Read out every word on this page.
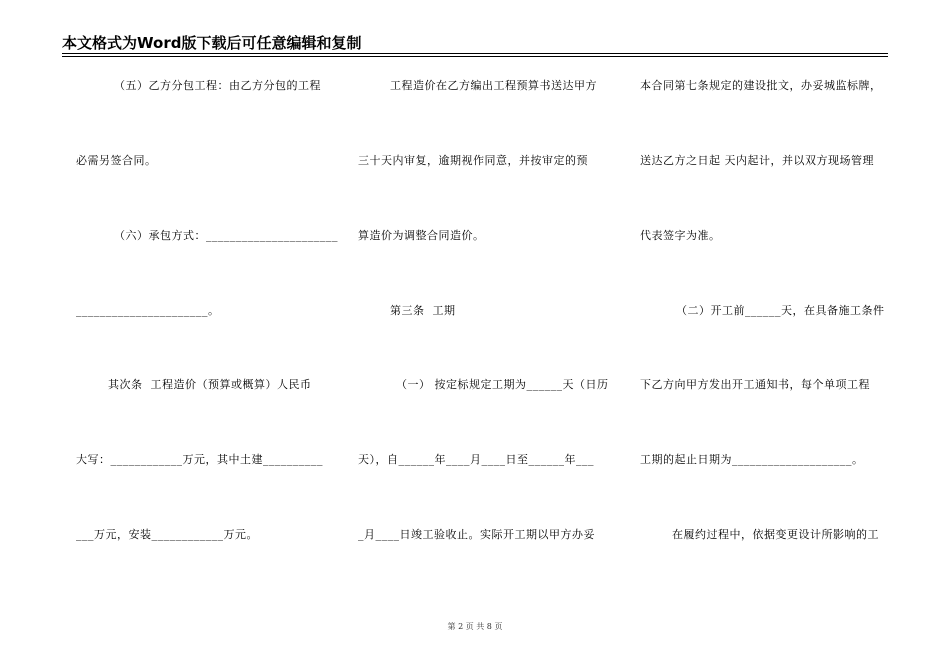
本文格式为Word版下载后可任意编辑和复制
（五）乙方分包工程：由乙方分包的工程
必需另签合同。
（六）承包方式：______________________
______________________。
其次条  工程造价（预算或概算）人民币
大写：____________万元，其中土建__________
___万元，安装____________万元。
工程造价在乙方编出工程预算书送达甲方
三十天内审复，逾期视作同意，并按审定的预
算造价为调整合同造价。
第三条  工期
（一） 按定标规定工期为______天（日历
天），自______年____月____日至______年___
_月____日竣工验收止。实际开工期以甲方办妥
本合同第七条规定的建设批文，办妥城监标牌，
送达乙方之日起 天内起计，并以双方现场管理
代表签字为准。
（二）开工前______天，在具备施工条件
下乙方向甲方发出开工通知书，每个单项工程
工期的起止日期为____________________。
在履约过程中，依据变更设计所影响的工
第 2 页 共 8 页
